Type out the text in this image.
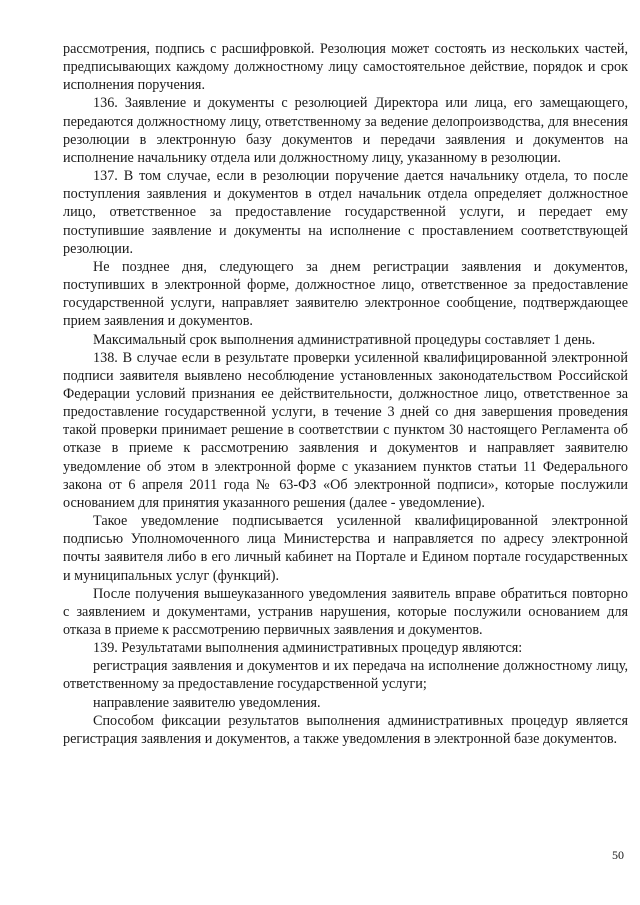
рассмотрения, подпись с расшифровкой. Резолюция может состоять из нескольких частей, предписывающих каждому должностному лицу самостоятельное действие, порядок и срок исполнения поручения.

136. Заявление и документы с резолюцией Директора или лица, его замещающего, передаются должностному лицу, ответственному за ведение делопроизводства, для внесения резолюции в электронную базу документов и передачи заявления и документов на исполнение начальнику отдела или должностному лицу, указанному в резолюции.

137. В том случае, если в резолюции поручение дается начальнику отдела, то после поступления заявления и документов в отдел начальник отдела определяет должностное лицо, ответственное за предоставление государственной услуги, и передает ему поступившие заявление и документы на исполнение с проставлением соответствующей резолюции.

Не позднее дня, следующего за днем регистрации заявления и документов, поступивших в электронной форме, должностное лицо, ответственное за предоставление государственной услуги, направляет заявителю электронное сообщение, подтверждающее прием заявления и документов.

Максимальный срок выполнения административной процедуры составляет 1 день.

138. В случае если в результате проверки усиленной квалифицированной электронной подписи заявителя выявлено несоблюдение установленных законодательством Российской Федерации условий признания ее действительности, должностное лицо, ответственное за предоставление государственной услуги, в течение 3 дней со дня завершения проведения такой проверки принимает решение в соответствии с пунктом 30 настоящего Регламента об отказе в приеме к рассмотрению заявления и документов и направляет заявителю уведомление об этом в электронной форме с указанием пунктов статьи 11 Федерального закона от 6 апреля 2011 года № 63-ФЗ «Об электронной подписи», которые послужили основанием для принятия указанного решения (далее - уведомление).

Такое уведомление подписывается усиленной квалифицированной электронной подписью Уполномоченного лица Министерства и направляется по адресу электронной почты заявителя либо в его личный кабинет на Портале и Едином портале государственных и муниципальных услуг (функций).

После получения вышеуказанного уведомления заявитель вправе обратиться повторно с заявлением и документами, устранив нарушения, которые послужили основанием для отказа в приеме к рассмотрению первичных заявления и документов.

139. Результатами выполнения административных процедур являются:

регистрация заявления и документов и их передача на исполнение должностному лицу, ответственному за предоставление государственной услуги;

направление заявителю уведомления.

Способом фиксации результатов выполнения административных процедур является регистрация заявления и документов, а также уведомления в электронной базе документов.

50
